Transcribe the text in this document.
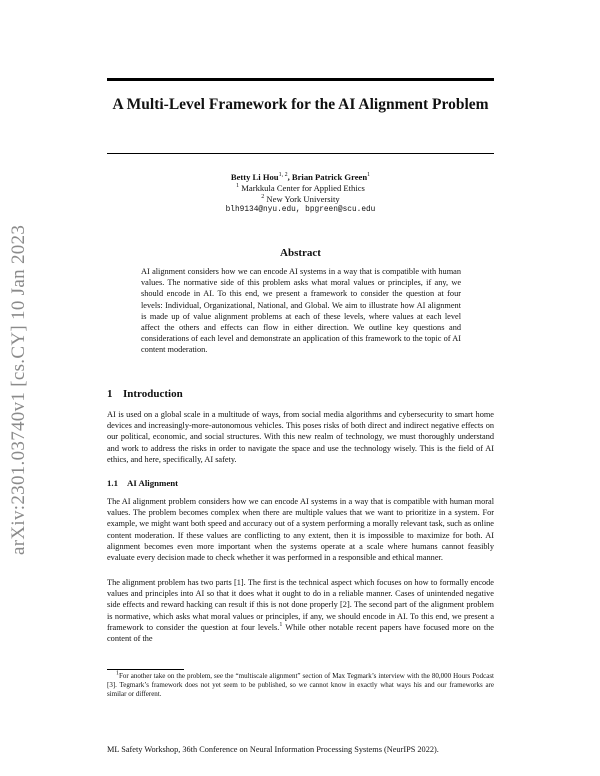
arXiv:2301.03740v1 [cs.CY] 10 Jan 2023
A Multi-Level Framework for the AI Alignment Problem
Betty Li Hou$^{1, 2}$, Brian Patrick Green$^1$
$^1$ Markkula Center for Applied Ethics
$^2$ New York University
blh9134@nyu.edu, bpgreen@scu.edu
Abstract
AI alignment considers how we can encode AI systems in a way that is compatible with human values. The normative side of this problem asks what moral values or principles, if any, we should encode in AI. To this end, we present a framework to consider the question at four levels: Individual, Organizational, National, and Global. We aim to illustrate how AI alignment is made up of value alignment problems at each of these levels, where values at each level affect the others and effects can flow in either direction. We outline key questions and considerations of each level and demonstrate an application of this framework to the topic of AI content moderation.
1 Introduction
AI is used on a global scale in a multitude of ways, from social media algorithms and cybersecurity to smart home devices and increasingly-more-autonomous vehicles. This poses risks of both direct and indirect negative effects on our political, economic, and social structures. With this new realm of technology, we must thoroughly understand and work to address the risks in order to navigate the space and use the technology wisely. This is the field of AI ethics, and here, specifically, AI safety.
1.1 AI Alignment
The AI alignment problem considers how we can encode AI systems in a way that is compatible with human moral values. The problem becomes complex when there are multiple values that we want to prioritize in a system. For example, we might want both speed and accuracy out of a system performing a morally relevant task, such as online content moderation. If these values are conflicting to any extent, then it is impossible to maximize for both. AI alignment becomes even more important when the systems operate at a scale where humans cannot feasibly evaluate every decision made to check whether it was performed in a responsible and ethical manner.
The alignment problem has two parts [1]. The first is the technical aspect which focuses on how to formally encode values and principles into AI so that it does what it ought to do in a reliable manner. Cases of unintended negative side effects and reward hacking can result if this is not done properly [2]. The second part of the alignment problem is normative, which asks what moral values or principles, if any, we should encode in AI. To this end, we present a framework to consider the question at four levels.$^1$ While other notable recent papers have focused more on the content of the
$^1$For another take on the problem, see the “multiscale alignment” section of Max Tegmark’s interview with the 80,000 Hours Podcast [3]. Tegmark’s framework does not yet seem to be published, so we cannot know in exactly what ways his and our frameworks are similar or different.
ML Safety Workshop, 36th Conference on Neural Information Processing Systems (NeurIPS 2022).
